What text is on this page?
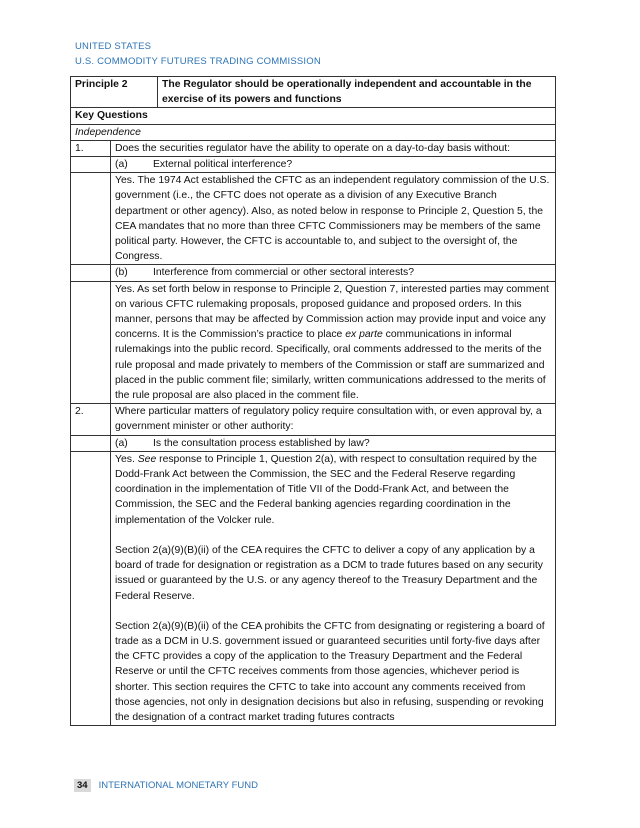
UNITED STATES
U.S. COMMODITY FUTURES TRADING COMMISSION
Principle 2		The Regulator should be operationally independent and accountable in the exercise of its powers and functions
Key Questions		
Independence		
1.	Does the securities regulator have the ability to operate on a day-to-day basis without:	
	(a) External political interference?	
	Yes. The 1974 Act established the CFTC as an independent regulatory commission of the U.S. government (i.e., the CFTC does not operate as a division of any Executive Branch department or other agency). Also, as noted below in response to Principle 2, Question 5, the CEA mandates that no more than three CFTC Commissioners may be members of the same political party. However, the CFTC is accountable to, and subject to the oversight of, the Congress.	
	(b) Interference from commercial or other sectoral interests?	
	Yes. As set forth below in response to Principle 2, Question 7, interested parties may comment on various CFTC rulemaking proposals, proposed guidance and proposed orders. In this manner, persons that may be affected by Commission action may provide input and voice any concerns. It is the Commission’s practice to place ex parte communications in informal rulemakings into the public record. Specifically, oral comments addressed to the merits of the rule proposal and made privately to members of the Commission or staff are summarized and placed in the public comment file; similarly, written communications addressed to the merits of the rule proposal are also placed in the comment file.	
2.	Where particular matters of regulatory policy require consultation with, or even approval by, a government minister or other authority:	
	(a) Is the consultation process established by law?	

	Yes. See response to Principle 1, Question 2(a), with respect to consultation required by the Dodd-Frank Act between the Commission, the SEC and the Federal Reserve regarding coordination in the implementation of Title VII of the Dodd-Frank Act, and between the Commission, the SEC and the Federal banking agencies regarding coordination in the implementation of the Volcker rule.

Section 2(a)(9)(B)(ii) of the CEA requires the CFTC to deliver a copy of any application by a board of trade for designation or registration as a DCM to trade futures based on any security issued or guaranteed by the U.S. or any agency thereof to the Treasury Department and the Federal Reserve.

Section 2(a)(9)(B)(ii) of the CEA prohibits the CFTC from designating or registering a board of trade as a DCM in U.S. government issued or guaranteed securities until forty-five days after the CFTC provides a copy of the application to the Treasury Department and the Federal Reserve or until the CFTC receives comments from those agencies, whichever period is shorter. This section requires the CFTC to take into account any comments received from those agencies, not only in designation decisions but also in refusing, suspending or revoking the designation of a contract market trading futures contracts	

34	INTERNATIONAL MONETARY FUND
